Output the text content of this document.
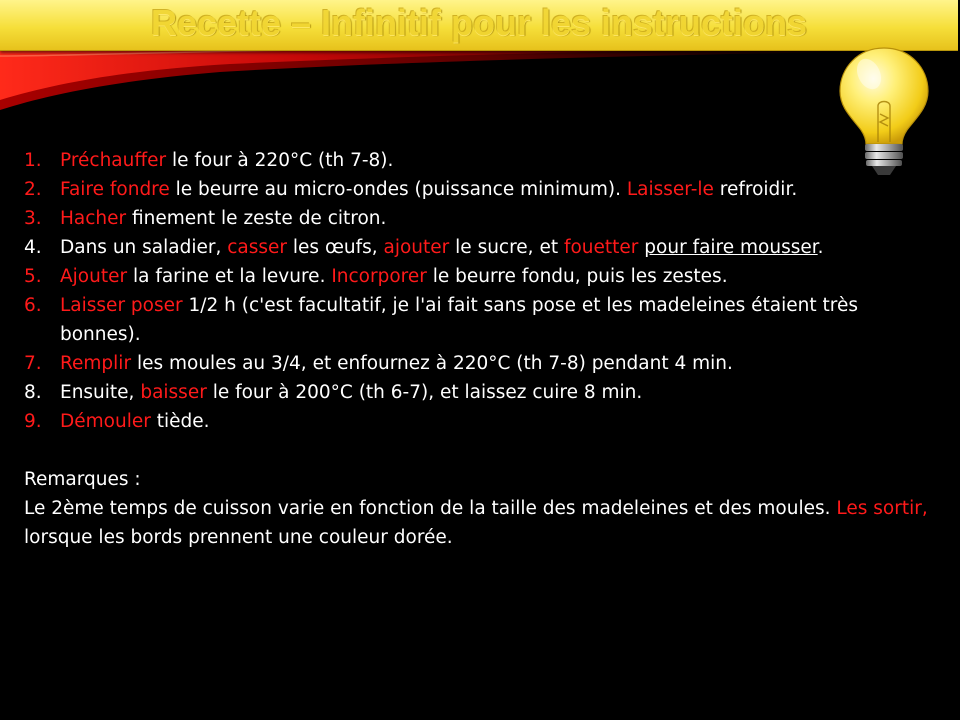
Recette – Infinitif pour les instructions
1. Préchauffer le four à 220°C (th 7-8).
2. Faire fondre le beurre au micro-ondes (puissance minimum). Laisser-le refroidir.
3. Hacher finement le zeste de citron.
4. Dans un saladier, casser les œufs, ajouter le sucre, et fouetter pour faire mousser.
5. Ajouter la farine et la levure. Incorporer le beurre fondu, puis les zestes.
6. Laisser poser 1/2 h (c'est facultatif, je l'ai fait sans pose et les madeleines étaient très bonnes).
7. Remplir les moules au 3/4, et enfournez à 220°C (th 7-8) pendant 4 min.
8. Ensuite, baisser le four à 200°C (th 6-7), et laissez cuire 8 min.
9. Démouler tiède.
Remarques :
Le 2ème temps de cuisson varie en fonction de la taille des madeleines et des moules. Les sortir, lorsque les bords prennent une couleur dorée.
